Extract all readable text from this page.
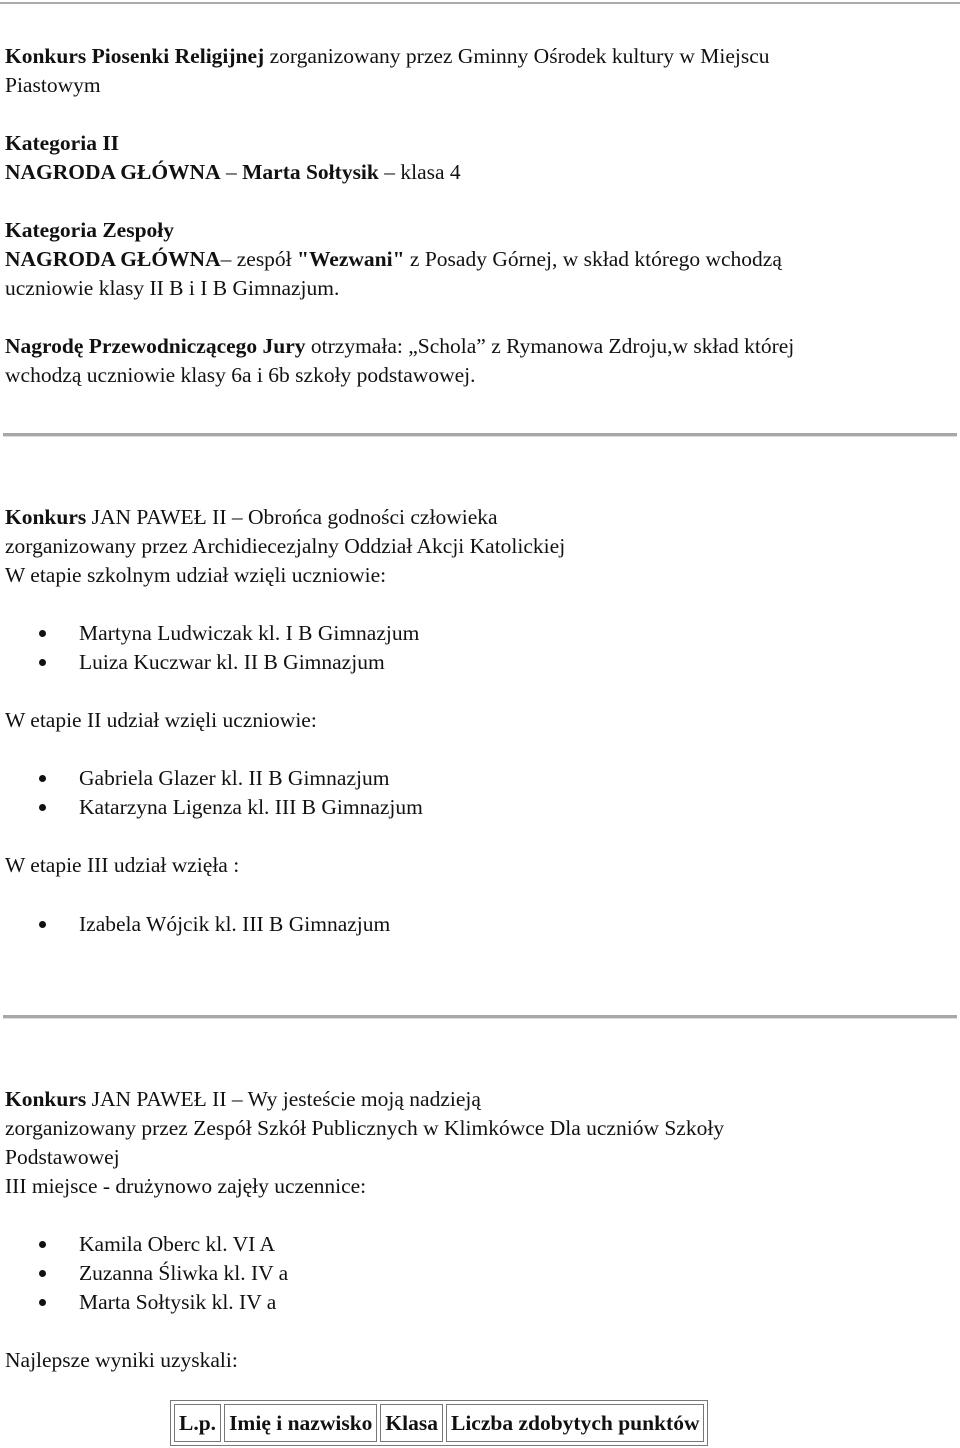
Konkurs Piosenki Religijnej zorganizowany przez Gminny Ośrodek kultury w Miejscu
Piastowym
Kategoria II
NAGRODA GŁÓWNA – Marta Sołtysik – klasa 4
Kategoria Zespoły
NAGRODA GŁÓWNA– zespół "Wezwani" z Posady Górnej, w skład którego wchodzą
uczniowie klasy II B i I B Gimnazjum.
Nagrodę Przewodniczącego Jury otrzymała: „Schola” z Rymanowa Zdroju,w skład której
wchodzą uczniowie klasy 6a i 6b szkoły podstawowej.
Konkurs JAN PAWEŁ II – Obrońca godności człowieka
zorganizowany przez Archidiecezjalny Oddział Akcji Katolickiej
W etapie szkolnym udział wzięli uczniowie:
Martyna Ludwiczak kl. I B Gimnazjum
Luiza Kuczwar kl. II B Gimnazjum
W etapie II udział wzięli uczniowie:
Gabriela Glazer kl. II B Gimnazjum
Katarzyna Ligenza kl. III B Gimnazjum
W etapie III udział wzięła :
Izabela Wójcik kl. III B Gimnazjum
Konkurs JAN PAWEŁ II – Wy jesteście moją nadzieją
zorganizowany przez Zespół Szkół Publicznych w Klimkówce Dla uczniów Szkoły
Podstawowej
III miejsce - drużynowo zajęły uczennice:
Kamila Oberc kl. VI A
Zuzanna Śliwka kl. IV a
Marta Sołtysik kl. IV a
Najlepsze wyniki uzyskali:
L.p.	Imię i nazwisko	Klasa	Liczba zdobytych punktów
